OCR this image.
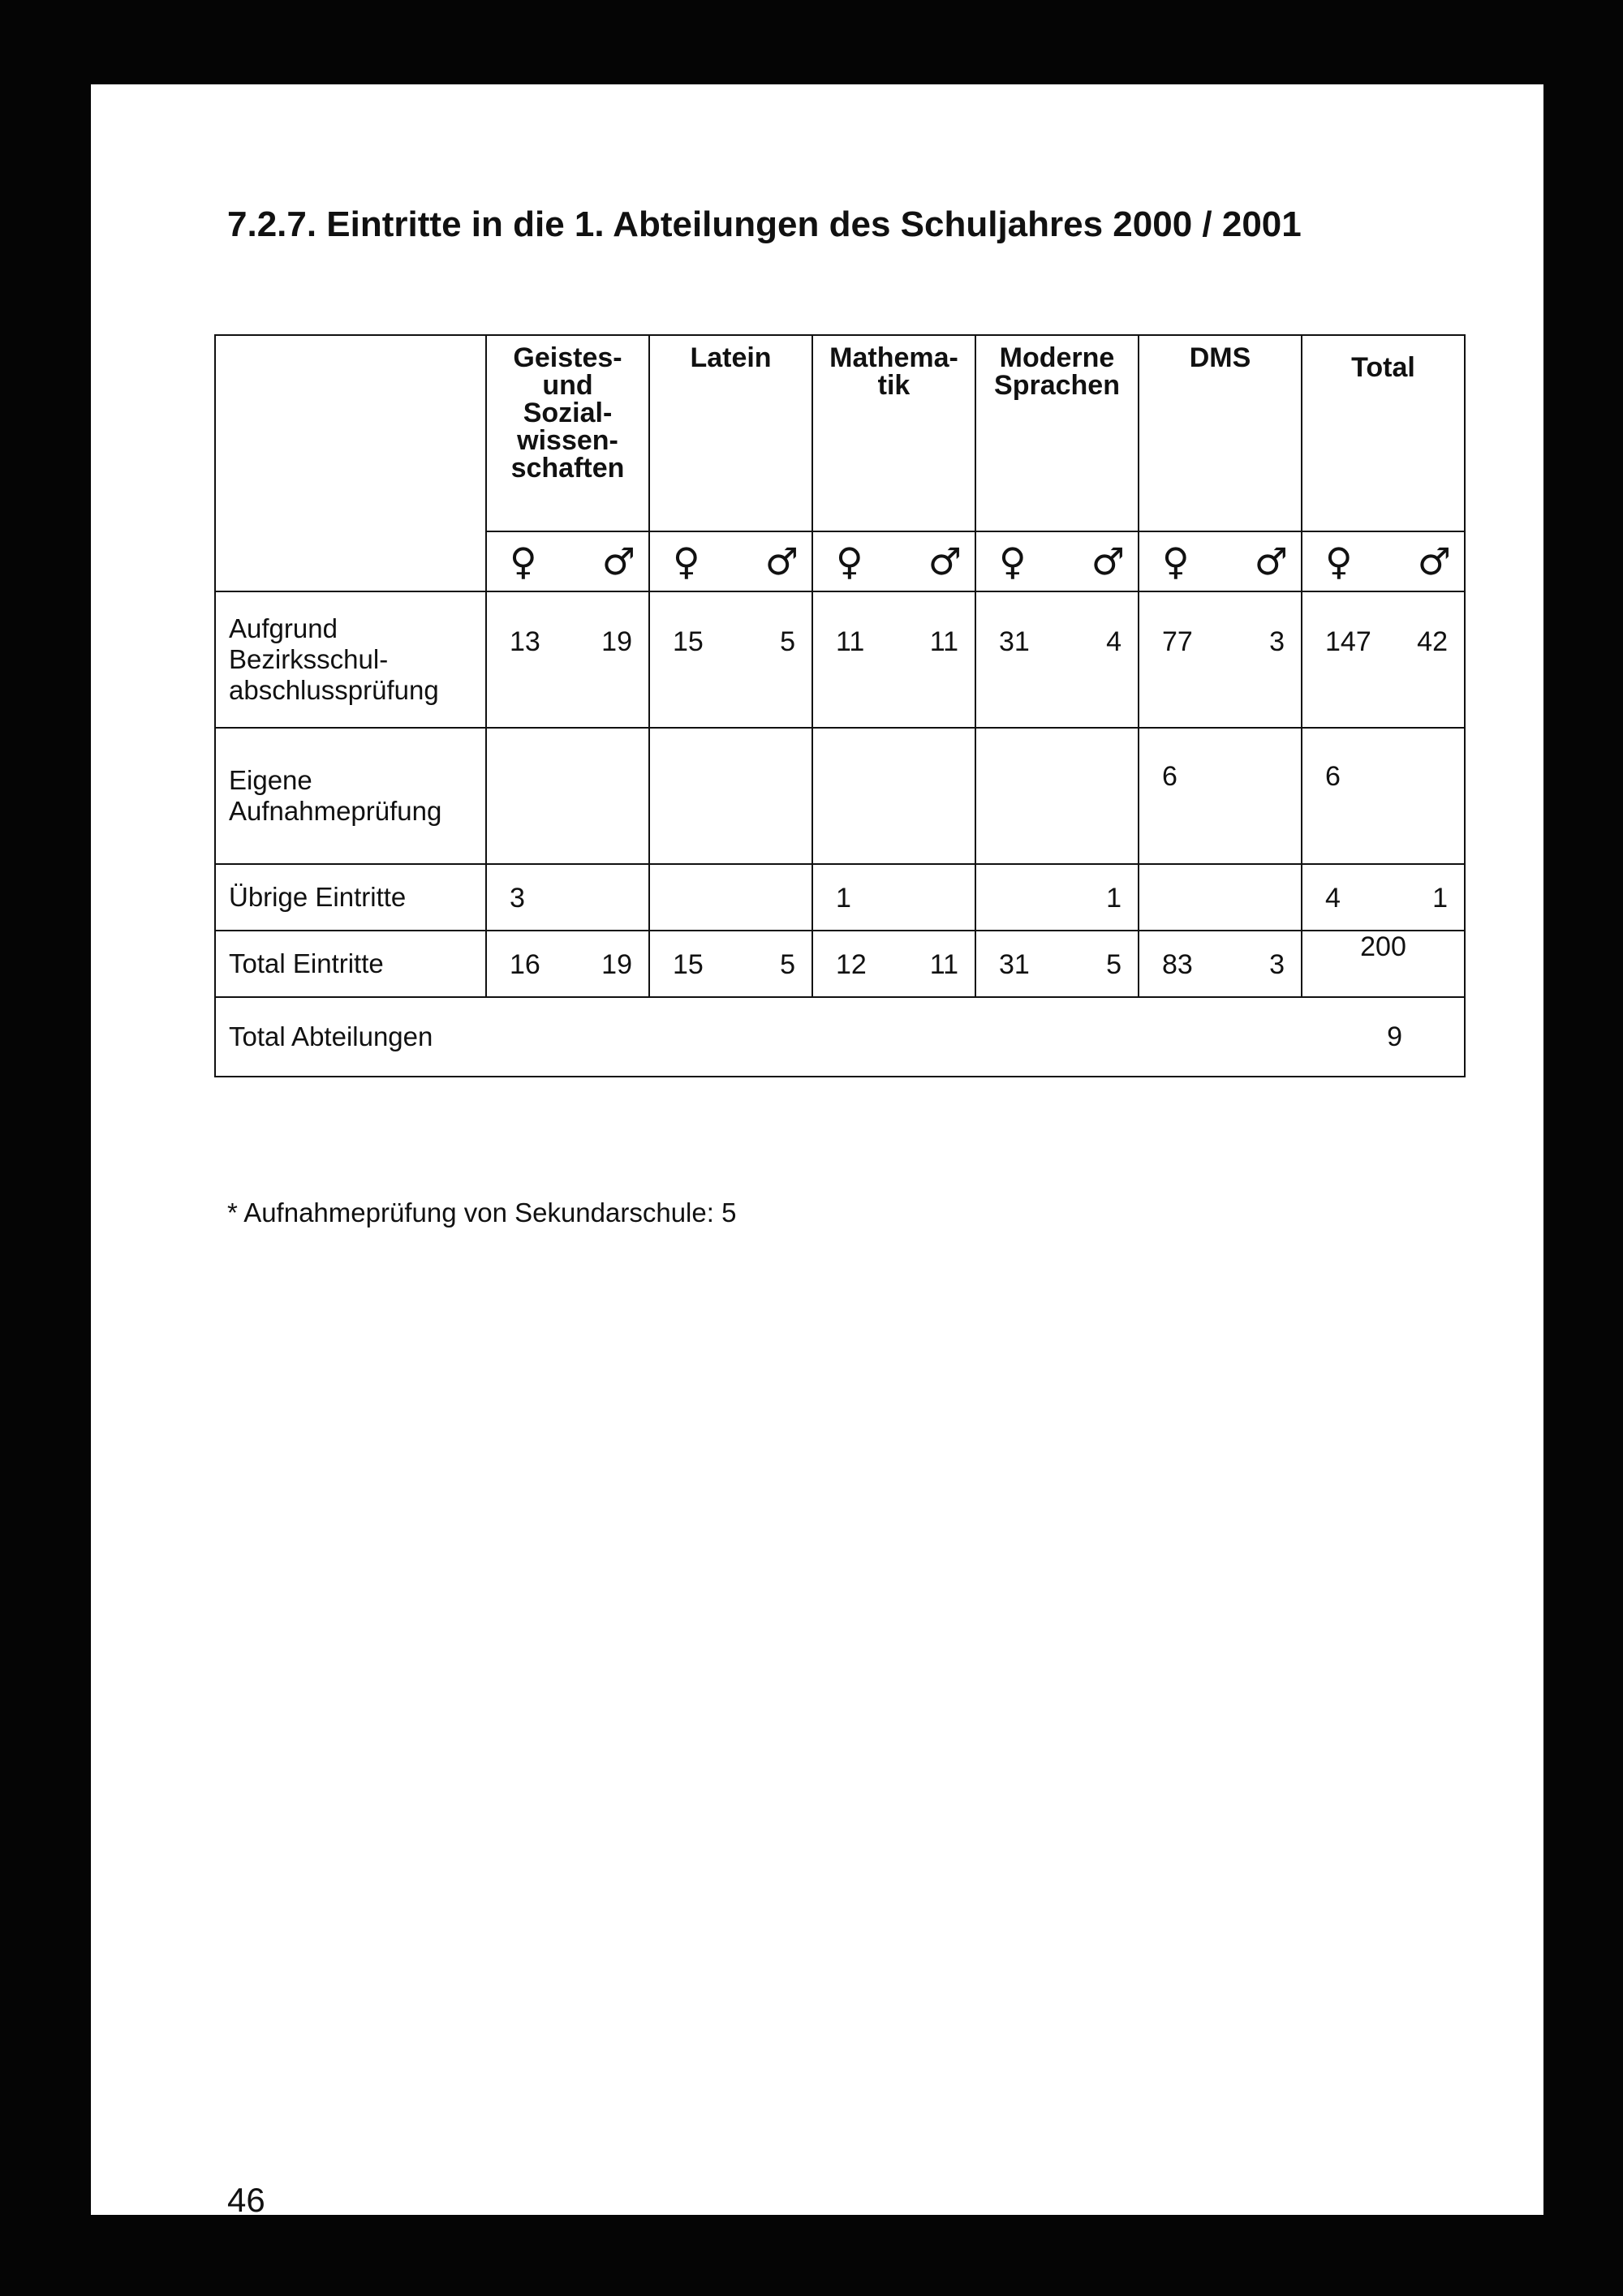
7.2.7. Eintritte in die 1. Abteilungen des Schuljahres 2000 / 2001

	Geistes-
und
Sozial-
wissen-
schaften	Latein	Mathema-
tik	Moderne
Sprachen	DMS	Total

	♀ ♂	♀ ♂	♀ ♂	♀ ♂	♀ ♂	♀ ♂

Aufgrund
Bezirksschul-
abschlussprüfung	13 19	15 5	11 11	31 4	77 3	147 42

Eigene
Aufnahmeprüfung					6	6

Übrige Eintritte	3		1	1		4 1

Total Eintritte	16 19	15 5	12 11	31 5	83 3	200
Total Abteilungen						9

* Aufnahmeprüfung von Sekundarschule: 5

46
